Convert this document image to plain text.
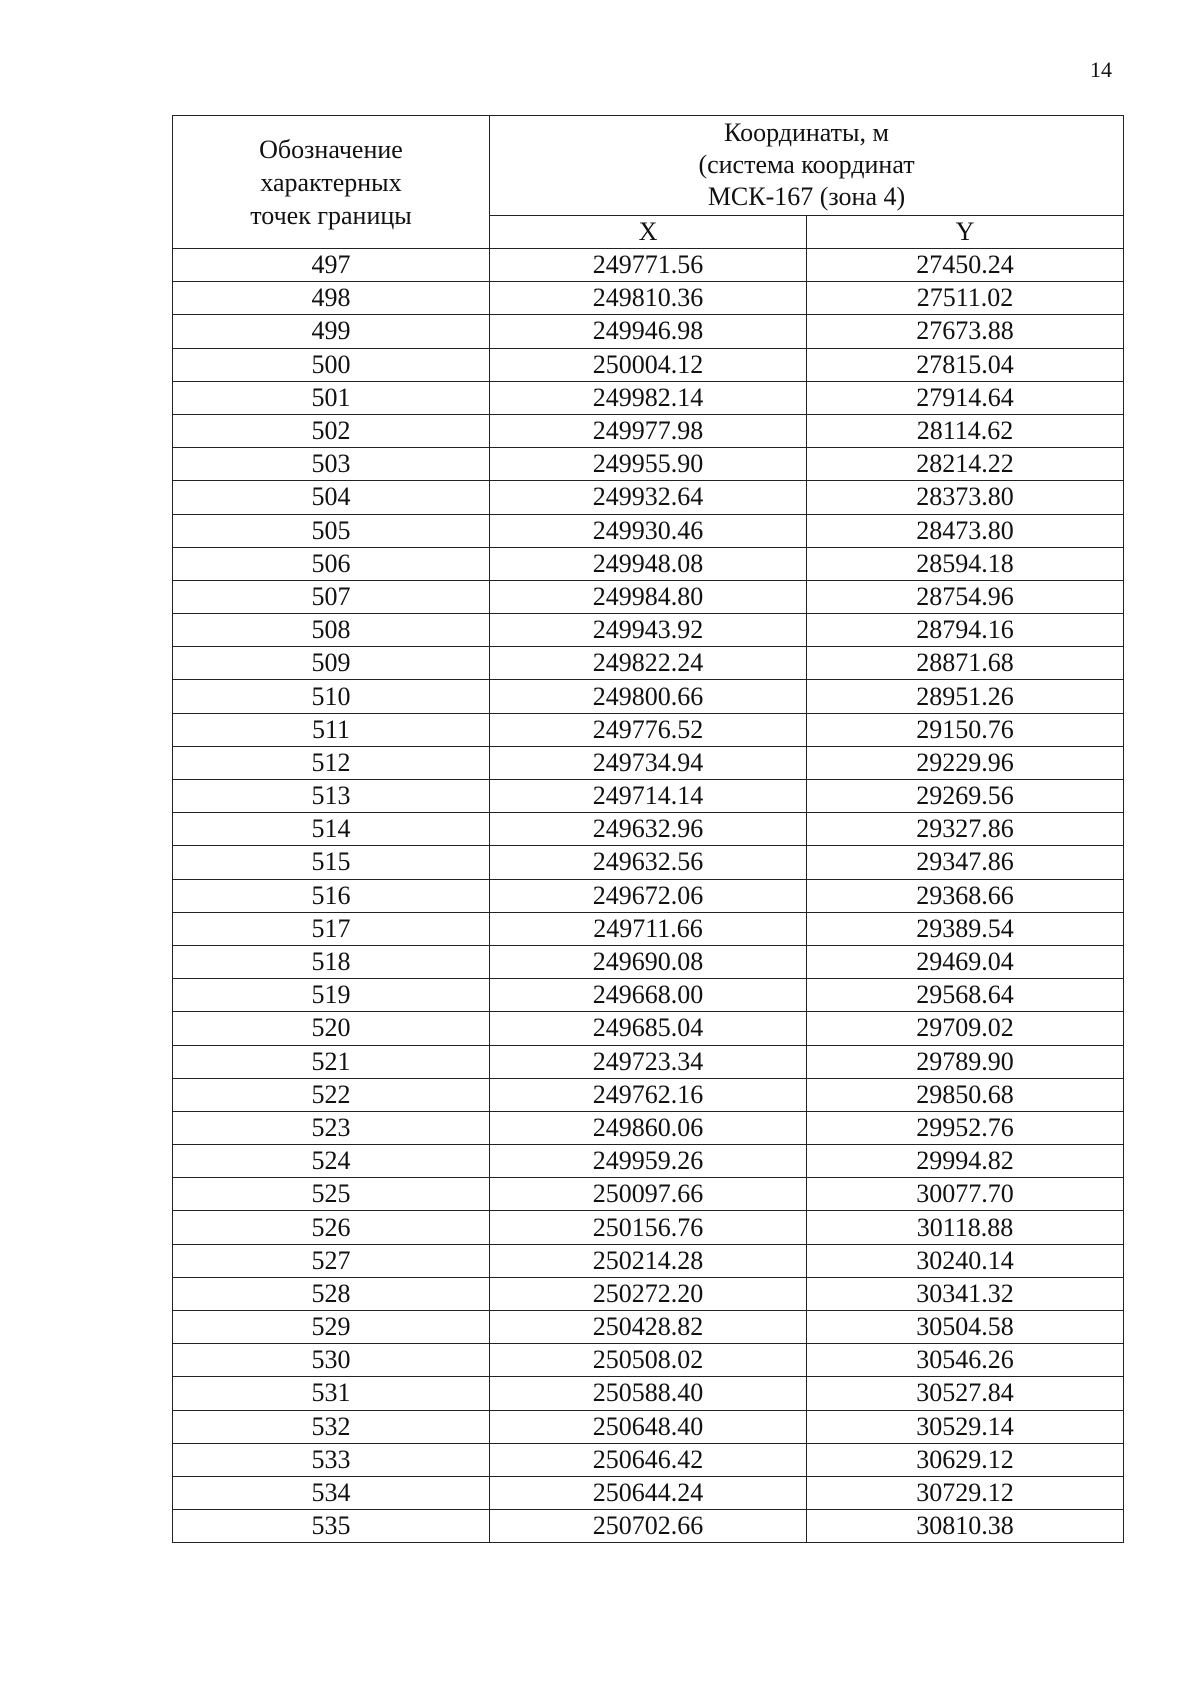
14
Обозначение
характерных
точек границы	Координаты, м
(система координат
МСК-167 (зона 4)	

	X	Y
497	249771.56	27450.24
498	249810.36	27511.02
499	249946.98	27673.88
500	250004.12	27815.04
501	249982.14	27914.64
502	249977.98	28114.62
503	249955.90	28214.22
504	249932.64	28373.80
505	249930.46	28473.80
506	249948.08	28594.18
507	249984.80	28754.96
508	249943.92	28794.16
509	249822.24	28871.68
510	249800.66	28951.26
511	249776.52	29150.76
512	249734.94	29229.96
513	249714.14	29269.56
514	249632.96	29327.86
515	249632.56	29347.86
516	249672.06	29368.66
517	249711.66	29389.54
518	249690.08	29469.04
519	249668.00	29568.64
520	249685.04	29709.02
521	249723.34	29789.90
522	249762.16	29850.68
523	249860.06	29952.76
524	249959.26	29994.82
525	250097.66	30077.70
526	250156.76	30118.88
527	250214.28	30240.14
528	250272.20	30341.32
529	250428.82	30504.58
530	250508.02	30546.26
531	250588.40	30527.84
532	250648.40	30529.14
533	250646.42	30629.12
534	250644.24	30729.12
535	250702.66	30810.38
